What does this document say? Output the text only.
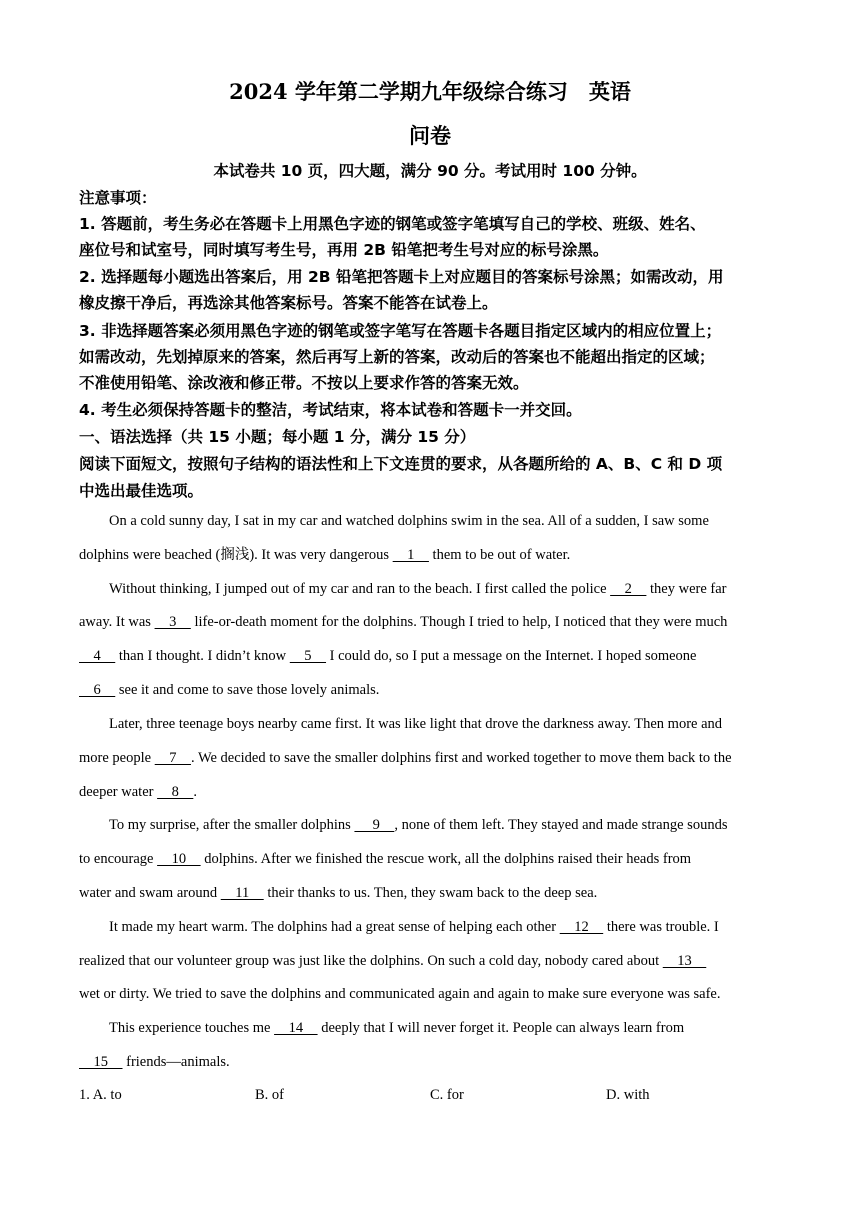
2024 学年第二学期九年级综合练习　英语
问卷
本试卷共 10 页，四大题，满分 90 分。考试用时 100 分钟。
注意事项：
1. 答题前，考生务必在答题卡上用黑色字迹的钢笔或签字笔填写自己的学校、班级、姓名、
座位号和试室号，同时填写考生号，再用 2B 铅笔把考生号对应的标号涂黑。
2. 选择题每小题选出答案后，用 2B 铅笔把答题卡上对应题目的答案标号涂黑；如需改动，用
橡皮擦干净后，再选涂其他答案标号。答案不能答在试卷上。
3. 非选择题答案必须用黑色字迹的钢笔或签字笔写在答题卡各题目指定区域内的相应位置上；
如需改动，先划掉原来的答案，然后再写上新的答案，改动后的答案也不能超出指定的区域；
不准使用铅笔、涂改液和修正带。不按以上要求作答的答案无效。
4. 考生必须保持答题卡的整洁，考试结束，将本试卷和答题卡一并交回。
一、语法选择（共 15 小题；每小题 1 分，满分 15 分）
阅读下面短文，按照句子结构的语法性和上下文连贯的要求，从各题所给的 A、B、C 和 D 项
中选出最佳选项。
On a cold sunny day, I sat in my car and watched dolphins swim in the sea. All of a sudden, I saw some
dolphins were beached (搁浅). It was very dangerous     1     them to be out of water.
Without thinking, I jumped out of my car and ran to the beach. I first called the police     2     they were far
away. It was     3     life-or-death moment for the dolphins. Though I tried to help, I noticed that they were much
4     than I thought. I didn’t know     5     I could do, so I put a message on the Internet. I hoped someone
6     see it and come to save those lovely animals.
Later, three teenage boys nearby came first. It was like light that drove the darkness away. Then more and
more people     7    . We decided to save the smaller dolphins first and worked together to move them back to the
deeper water     8    .
To my surprise, after the smaller dolphins      9    , none of them left. They stayed and made strange sounds
to encourage     10     dolphins. After we finished the rescue work, all the dolphins raised their heads from
water and swam around     11     their thanks to us. Then, they swam back to the deep sea.
It made my heart warm. The dolphins had a great sense of helping each other     12     there was trouble. I
realized that our volunteer group was just like the dolphins. On such a cold day, nobody cared about     13
wet or dirty. We tried to save the dolphins and communicated again and again to make sure everyone was safe.
This experience touches me     14     deeply that I will never forget it. People can always learn from
15     friends—animals.
1. A. to	B. of	C. for	D. with
